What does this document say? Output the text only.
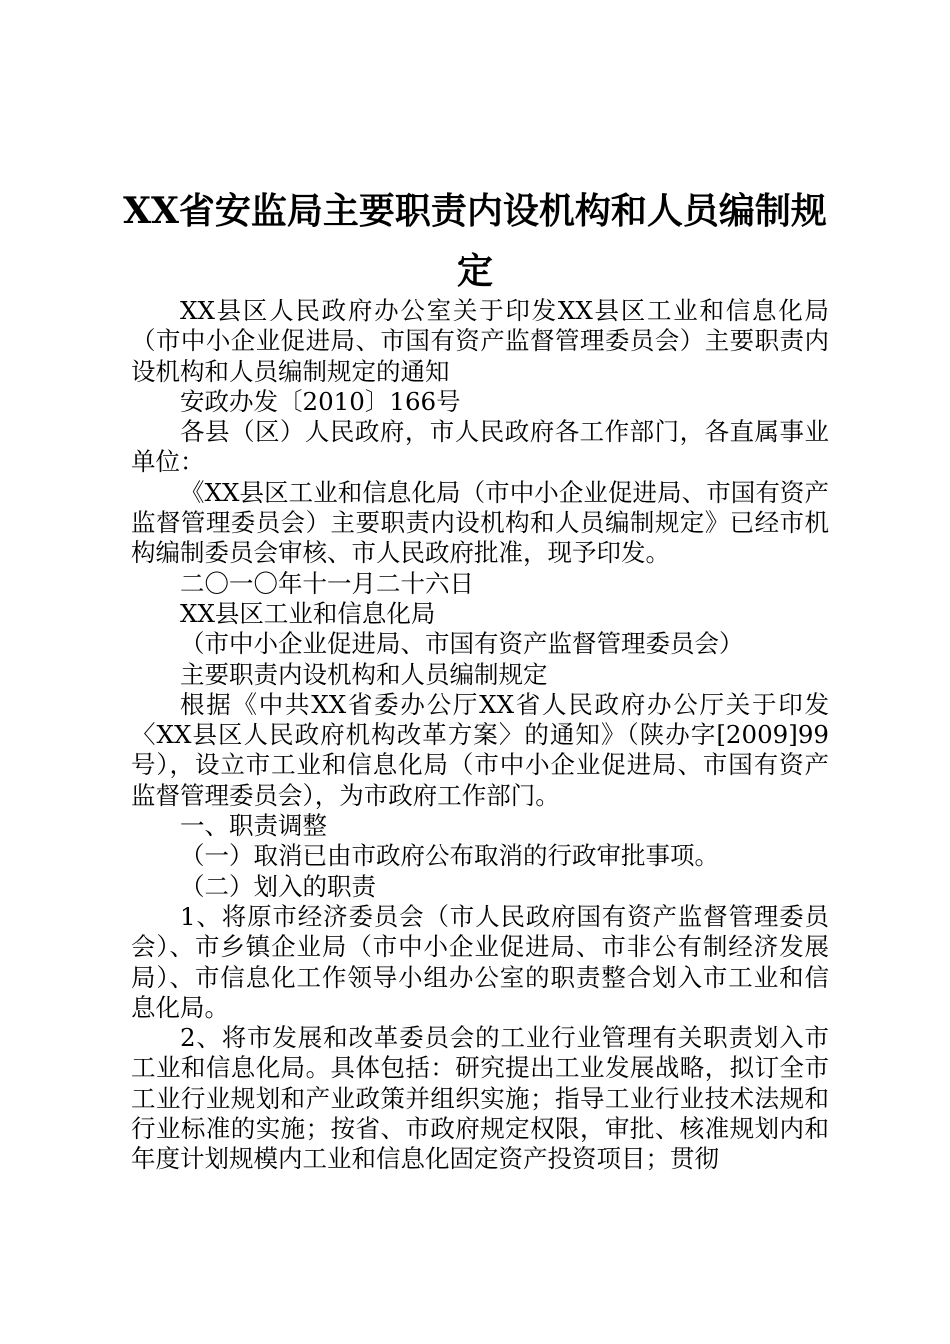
XX省安监局主要职责内设机构和人员编制规
定

XX县区人民政府办公室关于印发XX县区工业和信息化局（市中小企业促进局、市国有资产监督管理委员会）主要职责内设机构和人员编制规定的通知

安政办发〔2010〕166号

各县（区）人民政府，市人民政府各工作部门，各直属事业单位：

《XX县区工业和信息化局（市中小企业促进局、市国有资产监督管理委员会）主要职责内设机构和人员编制规定》已经市机构编制委员会审核、市人民政府批准，现予印发。

二〇一〇年十一月二十六日

XX县区工业和信息化局

（市中小企业促进局、市国有资产监督管理委员会）

主要职责内设机构和人员编制规定

根据《中共XX省委办公厅XX省人民政府办公厅关于印发〈XX县区人民政府机构改革方案〉的通知》（陕办字[2009]99号），设立市工业和信息化局（市中小企业促进局、市国有资产监督管理委员会），为市政府工作部门。

一、职责调整

（一）取消已由市政府公布取消的行政审批事项。

（二）划入的职责

1、将原市经济委员会（市人民政府国有资产监督管理委员会）、市乡镇企业局（市中小企业促进局、市非公有制经济发展局）、市信息化工作领导小组办公室的职责整合划入市工业和信息化局。

2、将市发展和改革委员会的工业行业管理有关职责划入市工业和信息化局。具体包括：研究提出工业发展战略，拟订全市工业行业规划和产业政策并组织实施；指导工业行业技术法规和行业标准的实施；按省、市政府规定权限，审批、核准规划内和年度计划规模内工业和信息化固定资产投资项目；贯彻
